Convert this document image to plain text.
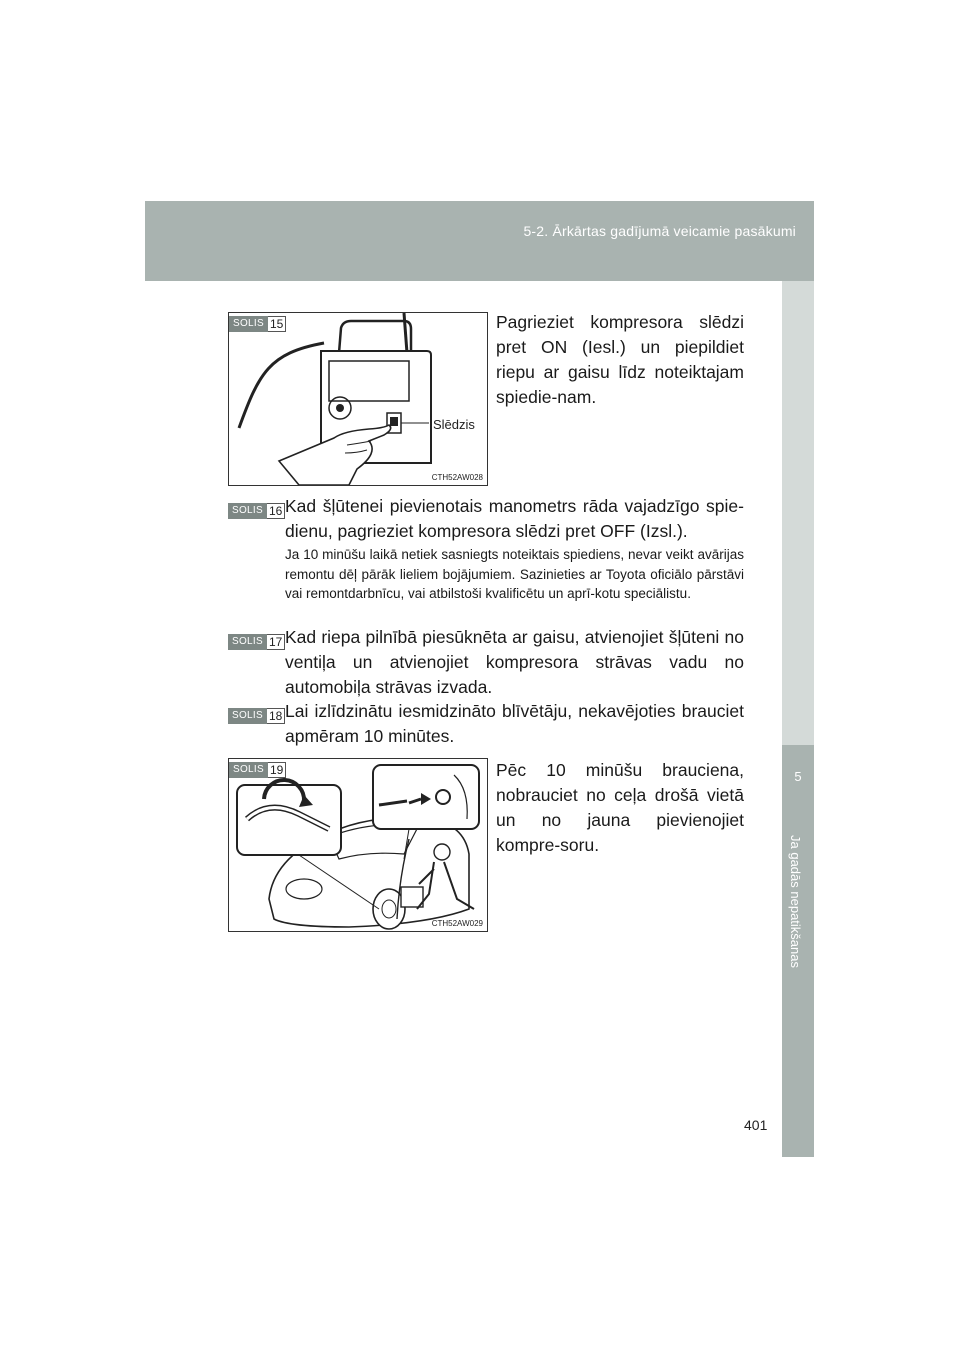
5-2. Ārkārtas gadījumā veicamie pasākumi
5
Ja gadās nepatikšanas
SOLIS 15
Slēdzis
CTH52AW028
Pagrieziet kompresora slēdzi pret ON (Iesl.) un piepildiet riepu ar gaisu līdz noteiktajam spiedie-nam.
SOLIS 16 Kad šļūtenei pievienotais manometrs rāda vajadzīgo spie-dienu, pagrieziet kompresora slēdzi pret OFF (Izsl.).
Ja 10 minūšu laikā netiek sasniegts noteiktais spiediens, nevar veikt avārijas remontu dēļ pārāk lieliem bojājumiem. Sazinieties ar Toyota oficiālo pārstāvi vai remontdarbnīcu, vai atbilstoši kvalificētu un aprī-kotu speciālistu.
SOLIS 17 Kad riepa pilnībā piesūknēta ar gaisu, atvienojiet šļūteni no ventiļa un atvienojiet kompresora strāvas vadu no automobiļa strāvas izvada.
SOLIS 18 Lai izlīdzinātu iesmidzināto blīvētāju, nekavējoties brauciet apmēram 10 minūtes.
SOLIS 19
CTH52AW029
Pēc 10 minūšu brauciena, nobrauciet no ceļa drošā vietā un no jauna pievienojiet kompre-soru.
401
